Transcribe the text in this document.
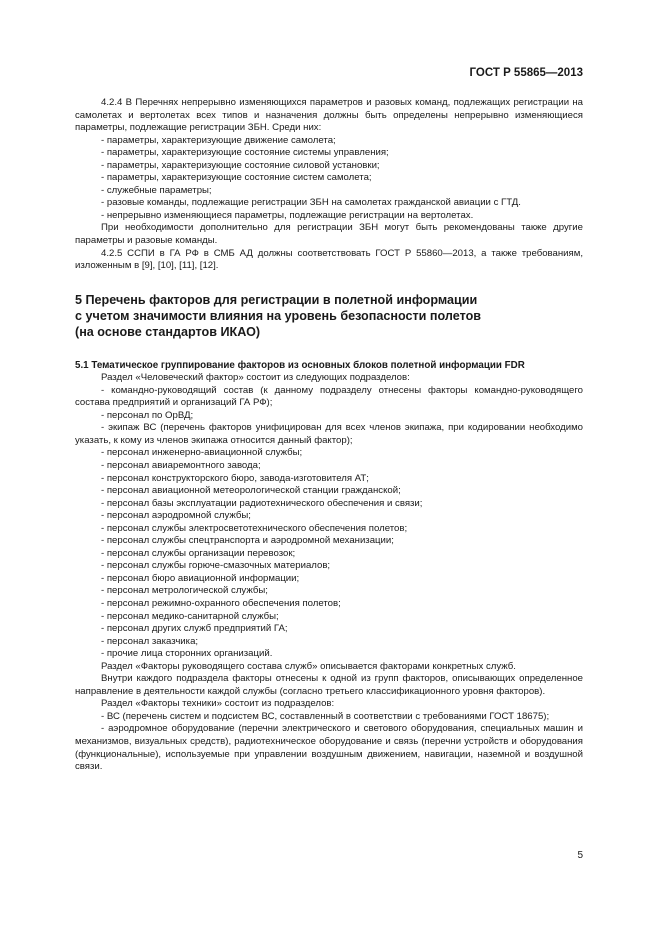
ГОСТ Р 55865—2013

4.2.4 В Перечнях непрерывно изменяющихся параметров и разовых команд, подлежащих регистрации на самолетах и вертолетах всех типов и назначения должны быть определены непрерывно изменяющиеся параметры, подлежащие регистрации ЗБН. Среди них:

- параметры, характеризующие движение самолета;

- параметры, характеризующие состояние системы управления;

- параметры, характеризующие состояние силовой установки;

- параметры, характеризующие состояние систем самолета;

- служебные параметры;

- разовые команды, подлежащие регистрации ЗБН на самолетах гражданской авиации с ГТД.

- непрерывно изменяющиеся параметры, подлежащие регистрации на вертолетах.

При необходимости дополнительно для регистрации ЗБН могут быть рекомендованы также другие параметры и разовые команды.

4.2.5 ССПИ в ГА РФ в СМБ АД должны соответствовать ГОСТ Р 55860—2013, а также требованиям, изложенным в [9], [10], [11], [12].

5 Перечень факторов для регистрации в полетной информации
с учетом значимости влияния на уровень безопасности полетов
(на основе стандартов ИКАО)

5.1 Тематическое группирование факторов из основных блоков полетной информации FDR

Раздел «Человеческий фактор» состоит из следующих подразделов:

- командно-руководящий состав (к данному подразделу отнесены факторы командно-руководящего состава предприятий и организаций ГА РФ);

- персонал по ОрВД;

- экипаж ВС (перечень факторов унифицирован для всех членов экипажа, при кодировании необходимо указать, к кому из членов экипажа относится данный фактор);

- персонал инженерно-авиационной службы;

- персонал авиаремонтного завода;

- персонал конструкторского бюро, завода-изготовителя АТ;

- персонал авиационной метеорологической станции гражданской;

- персонал базы эксплуатации радиотехнического обеспечения и связи;

- персонал аэродромной службы;

- персонал службы электросветотехнического обеспечения полетов;

- персонал службы спецтранспорта и аэродромной механизации;

- персонал службы организации перевозок;

- персонал службы горюче-смазочных материалов;

- персонал бюро авиационной информации;

- персонал метрологической службы;

- персонал режимно-охранного обеспечения полетов;

- персонал медико-санитарной службы;

- персонал других служб предприятий ГА;

- персонал заказчика;

- прочие лица сторонних организаций.

Раздел «Факторы руководящего состава служб» описывается факторами конкретных служб.

Внутри каждого подраздела факторы отнесены к одной из групп факторов, описывающих определенное направление в деятельности каждой службы (согласно третьего классификационного уровня факторов).

Раздел «Факторы техники» состоит из подразделов:

- ВС (перечень систем и подсистем ВС, составленный в соответствии с требованиями ГОСТ 18675);

- аэродромное оборудование (перечни электрического и светового оборудования, специальных машин и механизмов, визуальных средств), радиотехническое оборудование и связь (перечни устройств и оборудования (функциональные), используемые при управлении воздушным движением, навигации, наземной и воздушной связи.

5
